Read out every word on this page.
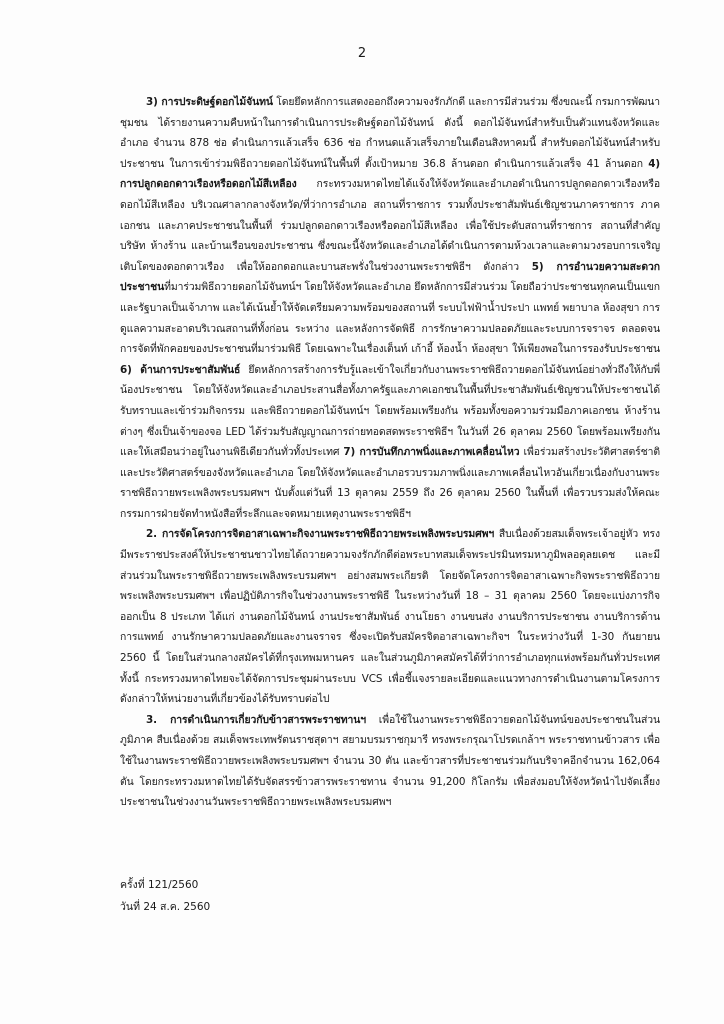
2

3) การประดิษฐ์ดอกไม้จันทน์ โดยยึดหลักการแสดงออกถึงความจงรักภักดี และการมีส่วนร่วม ซึ่งขณะนี้ กรมการพัฒนาชุมชน ได้รายงานความคืบหน้าในการดำเนินการประดิษฐ์ดอกไม้จันทน์ ดังนี้ ดอกไม้จันทน์สำหรับเป็นตัวแทนจังหวัดและอำเภอ จำนวน 878 ช่อ ดำเนินการแล้วเสร็จ 636 ช่อ กำหนดแล้วเสร็จภายในเดือนสิงหาคมนี้ สำหรับดอกไม้จันทน์สำหรับประชาชน ในการเข้าร่วมพิธีถวายดอกไม้จันทน์ในพื้นที่ ตั้งเป้าหมาย 36.8 ล้านดอก ดำเนินการแล้วเสร็จ 41 ล้านดอก 4) การปลูกดอกดาวเรืองหรือดอกไม้สีเหลือง กระทรวงมหาดไทยได้แจ้งให้จังหวัดและอำเภอดำเนินการปลูกดอกดาวเรืองหรือดอกไม้สีเหลือง บริเวณศาลากลางจังหวัด/ที่ว่าการอำเภอ สถานที่ราชการ รวมทั้งประชาสัมพันธ์เชิญชวนภาคราชการ ภาคเอกชน และภาคประชาชนในพื้นที่ ร่วมปลูกดอกดาวเรืองหรือดอกไม้สีเหลือง เพื่อใช้ประดับสถานที่ราชการ สถานที่สำคัญ บริษัท ห้างร้าน และบ้านเรือนของประชาชน ซึ่งขณะนี้จังหวัดและอำเภอได้ดำเนินการตามห้วงเวลาและตามวงรอบการเจริญเติบโตของดอกดาวเรือง เพื่อให้ออกดอกและบานสะพรั่งในช่วงงานพระราชพิธีฯ ดังกล่าว 5) การอำนวยความสะดวกประชาชนที่มาร่วมพิธีถวายดอกไม้จันทน์ฯ โดยให้จังหวัดและอำเภอ ยึดหลักการมีส่วนร่วม โดยถือว่าประชาชนทุกคนเป็นแขก และรัฐบาลเป็นเจ้าภาพ และได้เน้นย้ำให้จัดเตรียมความพร้อมของสถานที่ ระบบไฟฟ้าน้ำประปา แพทย์ พยาบาล ห้องสุขา การดูแลความสะอาดบริเวณสถานที่ทั้งก่อน ระหว่าง และหลังการจัดพิธี การรักษาความปลอดภัยและระบบการจราจร ตลอดจนการจัดที่พักคอยของประชาชนที่มาร่วมพิธี โดยเฉพาะในเรื่องเต็นท์ เก้าอี้ ห้องน้ำ ห้องสุขา ให้เพียงพอในการรองรับประชาชน 6) ด้านการประชาสัมพันธ์ ยึดหลักการสร้างการรับรู้และเข้าใจเกี่ยวกับงานพระราชพิธีถวายดอกไม้จันทน์อย่างทั่วถึงให้กับพี่น้องประชาชน โดยให้จังหวัดและอำเภอประสานสื่อทั้งภาครัฐและภาคเอกชนในพื้นที่ประชาสัมพันธ์เชิญชวนให้ประชาชนได้รับทราบและเข้าร่วมกิจกรรม และพิธีถวายดอกไม้จันทน์ฯ โดยพร้อมเพรียงกัน พร้อมทั้งขอความร่วมมือภาคเอกชน ห้างร้านต่างๆ ซึ่งเป็นเจ้าของจอ LED ได้ร่วมรับสัญญาณการถ่ายทอดสดพระราชพิธีฯ ในวันที่ 26 ตุลาคม 2560 โดยพร้อมเพรียงกัน และให้เสมือนว่าอยู่ในงานพิธีเดียวกันทั่วทั้งประเทศ 7) การบันทึกภาพนิ่งและภาพเคลื่อนไหว เพื่อร่วมสร้างประวัติศาสตร์ชาติ และประวัติศาสตร์ของจังหวัดและอำเภอ โดยให้จังหวัดและอำเภอรวบรวมภาพนิ่งและภาพเคลื่อนไหวอันเกี่ยวเนื่องกับงานพระราชพิธีถวายพระเพลิงพระบรมศพฯ นับตั้งแต่วันที่ 13 ตุลาคม 2559 ถึง 26 ตุลาคม 2560 ในพื้นที่ เพื่อรวบรวมส่งให้คณะกรรมการฝ่ายจัดทำหนังสือที่ระลึกและจดหมายเหตุงานพระราชพิธีฯ

2. การจัดโครงการจิตอาสาเฉพาะกิจงานพระราชพิธีถวายพระเพลิงพระบรมศพฯ สืบเนื่องด้วยสมเด็จพระเจ้าอยู่หัว ทรงมีพระราชประสงค์ให้ประชาชนชาวไทยได้ถวายความจงรักภักดีต่อพระบาทสมเด็จพระปรมินทรมหาภูมิพลอดุลยเดช และมีส่วนร่วมในพระราชพิธีถวายพระเพลิงพระบรมศพฯ อย่างสมพระเกียรติ โดยจัดโครงการจิตอาสาเฉพาะกิจพระราชพิธีถวายพระเพลิงพระบรมศพฯ เพื่อปฏิบัติภารกิจในช่วงงานพระราชพิธี ในระหว่างวันที่ 18 – 31 ตุลาคม 2560 โดยจะแบ่งภารกิจออกเป็น 8 ประเภท ได้แก่ งานดอกไม้จันทน์ งานประชาสัมพันธ์ งานโยธา งานขนส่ง งานบริการประชาชน งานบริการด้านการแพทย์ งานรักษาความปลอดภัยและงานจราจร ซึ่งจะเปิดรับสมัครจิตอาสาเฉพาะกิจฯ ในระหว่างวันที่ 1-30 กันยายน 2560 นี้ โดยในส่วนกลางสมัครได้ที่กรุงเทพมหานคร และในส่วนภูมิภาคสมัครได้ที่ว่าการอำเภอทุกแห่งพร้อมกันทั่วประเทศ ทั้งนี้ กระทรวงมหาดไทยจะได้จัดการประชุมผ่านระบบ VCS เพื่อชี้แจงรายละเอียดและแนวทางการดำเนินงานตามโครงการดังกล่าวให้หน่วยงานที่เกี่ยวข้องได้รับทราบต่อไป

3. การดำเนินการเกี่ยวกับข้าวสารพระราชทานฯ เพื่อใช้ในงานพระราชพิธีถวายดอกไม้จันทน์ของประชาชนในส่วนภูมิภาค สืบเนื่องด้วย สมเด็จพระเทพรัตนราชสุดาฯ สยามบรมราชกุมารี ทรงพระกรุณาโปรดเกล้าฯ พระราชทานข้าวสาร เพื่อใช้ในงานพระราชพิธีถวายพระเพลิงพระบรมศพฯ จำนวน 30 ตัน และข้าวสารที่ประชาชนร่วมกันบริจาคอีกจำนวน 162,064 ตัน โดยกระทรวงมหาดไทยได้รับจัดสรรข้าวสารพระราชทาน จำนวน 91,200 กิโลกรัม เพื่อส่งมอบให้จังหวัดนำไปจัดเลี้ยงประชาชนในช่วงงานวันพระราชพิธีถวายพระเพลิงพระบรมศพฯ

ครั้งที่ 121/2560
วันที่ 24 ส.ค. 2560
